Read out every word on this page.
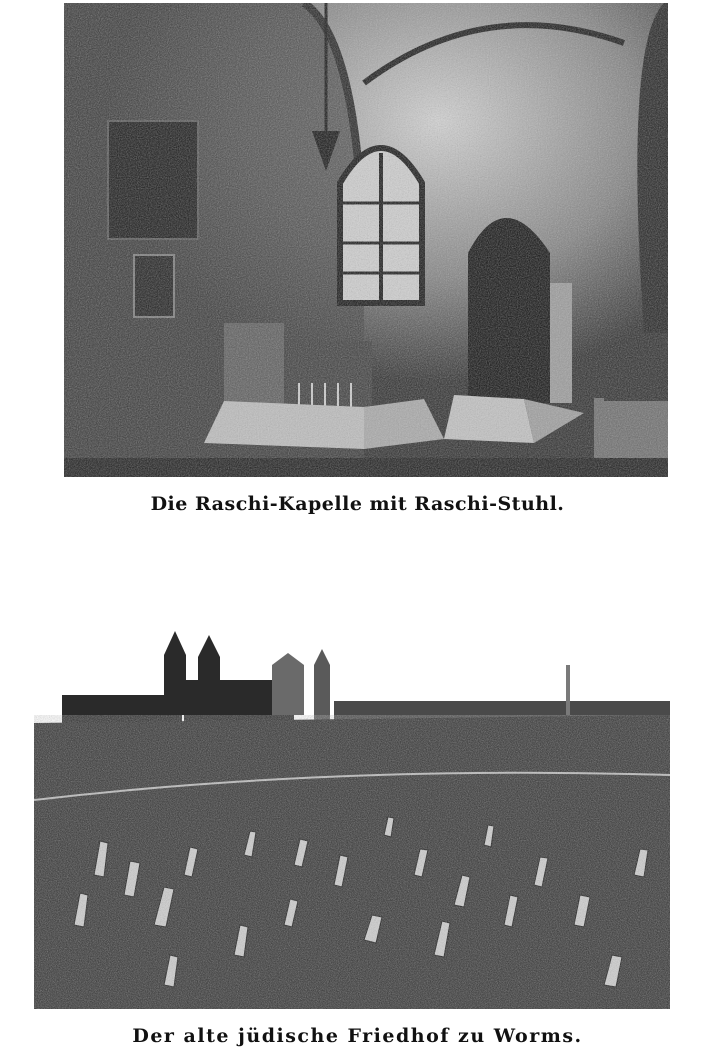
Die Raschi-Kapelle mit Raschi-Stuhl.
Der alte jüdische Friedhof zu Worms.
